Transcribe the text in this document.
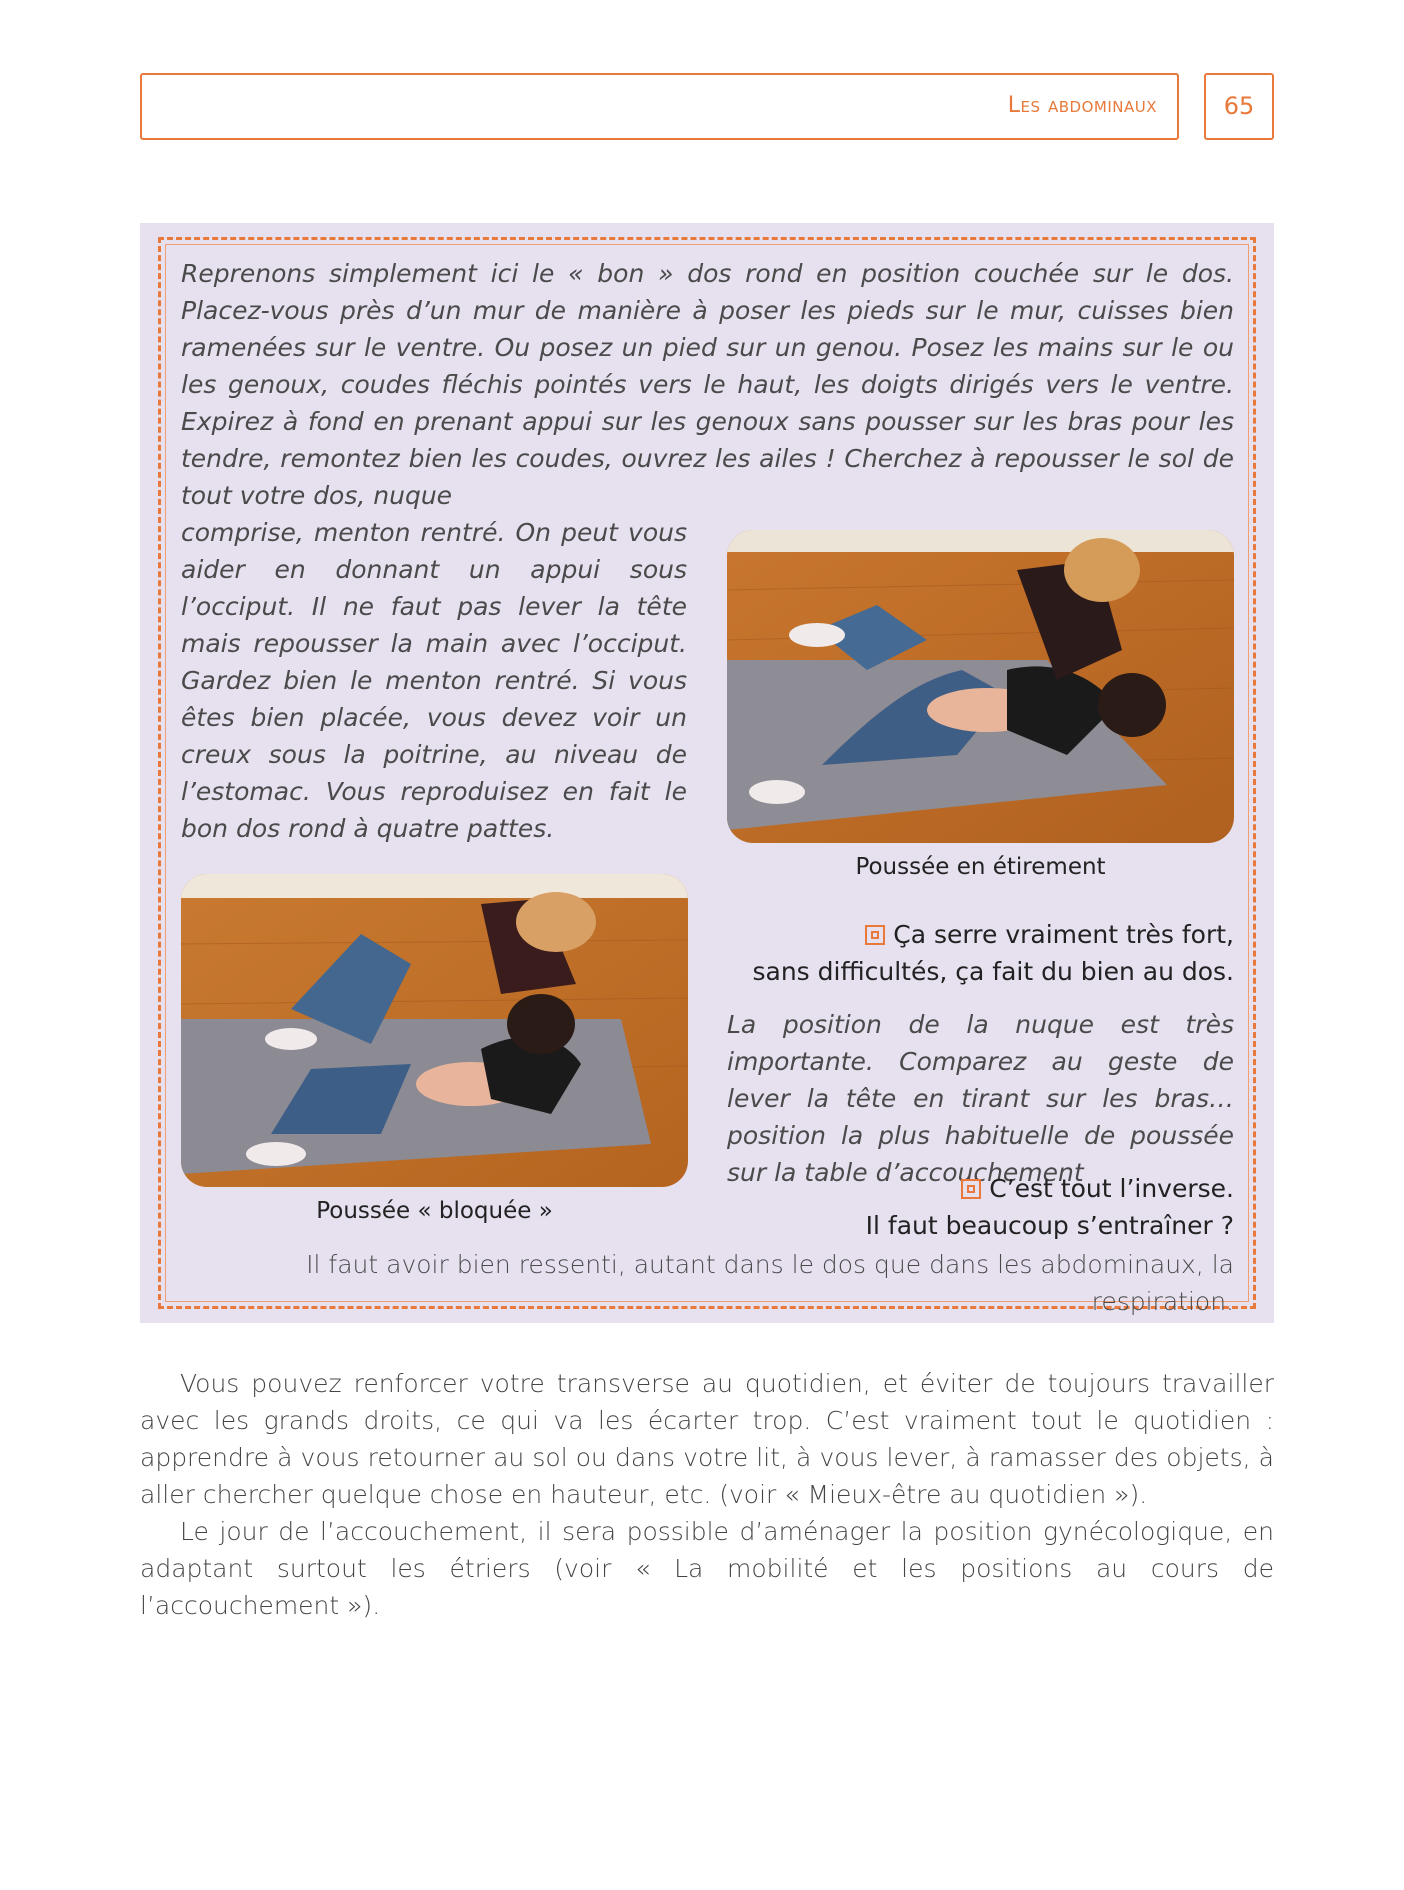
Les abdominaux	65
Reprenons simplement ici le « bon » dos rond en position couchée sur le dos. Placez-vous près d’un mur de manière à poser les pieds sur le mur, cuisses bien ramenées sur le ventre. Ou posez un pied sur un genou. Posez les mains sur le ou les genoux, coudes fléchis pointés vers le haut, les doigts dirigés vers le ventre. Expirez à fond en prenant appui sur les genoux sans pousser sur les bras pour les tendre, remontez bien les coudes, ouvrez les ailes ! Cherchez à repousser le sol de tout votre dos, nuque
comprise, menton rentré. On peut vous aider en donnant un appui sous l’occiput. Il ne faut pas lever la tête mais repousser la main avec l’occiput. Gardez bien le menton rentré. Si vous êtes bien placée, vous devez voir un creux sous la poitrine, au niveau de l’estomac. Vous reproduisez en fait le bon dos rond à quatre pattes.
Poussée en étirement
Poussée « bloquée »
Ça serre vraiment très fort,
sans difficultés, ça fait du bien au dos.
La position de la nuque est très importante. Comparez au geste de lever la tête en tirant sur les bras… position la plus habituelle de poussée sur la table d’accouchement
C’est tout l’inverse.
Il faut beaucoup s’entraîner ?
Il faut avoir bien ressenti, autant dans le dos que dans les abdominaux, la respiration.
Vous pouvez renforcer votre transverse au quotidien, et éviter de toujours travailler avec les grands droits, ce qui va les écarter trop. C’est vraiment tout le quotidien : apprendre à vous retourner au sol ou dans votre lit, à vous lever, à ramasser des objets, à aller chercher quelque chose en hauteur, etc. (voir « Mieux-être au quotidien »).
Le jour de l’accouchement, il sera possible d’aménager la position gynécologique, en adaptant surtout les étriers (voir « La mobilité et les positions au cours de l’accouchement »).
